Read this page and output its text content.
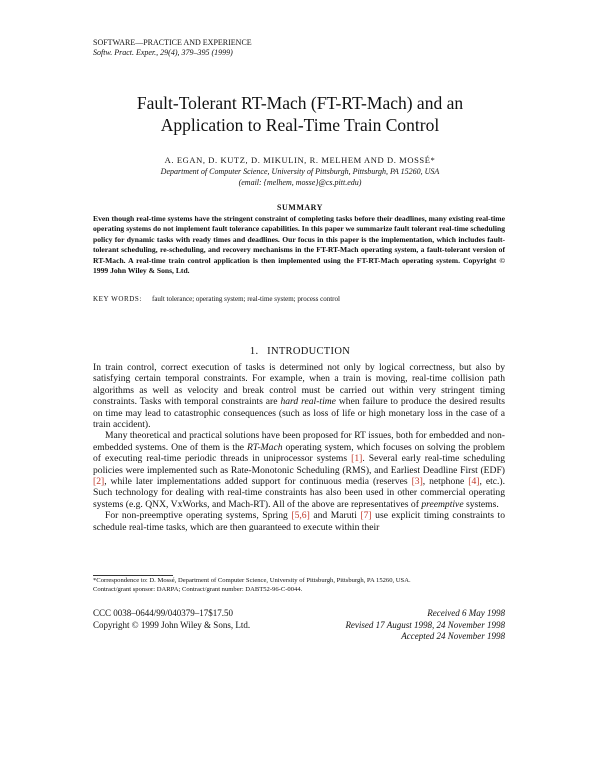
SOFTWARE—PRACTICE AND EXPERIENCE
Softw. Pract. Exper., 29(4), 379–395 (1999)
Fault-Tolerant RT-Mach (FT-RT-Mach) and an
Application to Real-Time Train Control
A. EGAN, D. KUTZ, D. MIKULIN, R. MELHEM AND D. MOSSÉ*
Department of Computer Science, University of Pittsburgh, Pittsburgh, PA 15260, USA
(email: {melhem, mosse}@cs.pitt.edu)
SUMMARY
Even though real-time systems have the stringent constraint of completing tasks before their deadlines, many existing real-time operating systems do not implement fault tolerance capabilities. In this paper we summarize fault tolerant real-time scheduling policy for dynamic tasks with ready times and deadlines. Our focus in this paper is the implementation, which includes fault-tolerant scheduling, re-scheduling, and recovery mechanisms in the FT-RT-Mach operating system, a fault-tolerant version of RT-Mach. A real-time train control application is then implemented using the FT-RT-Mach operating system. Copyright © 1999 John Wiley & Sons, Ltd.
KEY WORDS: fault tolerance; operating system; real-time system; process control
1.   INTRODUCTION

In train control, correct execution of tasks is determined not only by logical correctness, but also by satisfying certain temporal constraints. For example, when a train is moving, real-time collision path algorithms as well as velocity and break control must be carried out within very stringent timing constraints. Tasks with temporal constraints are hard real-time when failure to produce the desired results on time may lead to catastrophic consequences (such as loss of life or high monetary loss in the case of a train accident).

Many theoretical and practical solutions have been proposed for RT issues, both for embedded and non-embedded systems. One of them is the RT-Mach operating system, which focuses on solving the problem of executing real-time periodic threads in uniprocessor systems [1]. Several early real-time scheduling policies were implemented such as Rate-Monotonic Scheduling (RMS), and Earliest Deadline First (EDF) [2], while later implementations added support for continuous media (reserves [3], netphone [4], etc.). Such technology for dealing with real-time constraints has also been used in other commercial operating systems (e.g. QNX, VxWorks, and Mach-RT). All of the above are representatives of preemptive systems.

For non-preemptive operating systems, Spring [5,6] and Maruti [7] use explicit timing constraints to schedule real-time tasks, which are then guaranteed to execute within their

*Correspondence to: D. Mossé, Department of Computer Science, University of Pittsburgh, Pittsburgh, PA 15260, USA.
Contract/grant sponsor: DARPA; Contract/grant number: DABT52-96-C-0044.
CCC 0038–0644/99/040379–17$17.50
Copyright © 1999 John Wiley & Sons, Ltd.
Received 6 May 1998
Revised 17 August 1998, 24 November 1998
Accepted 24 November 1998
